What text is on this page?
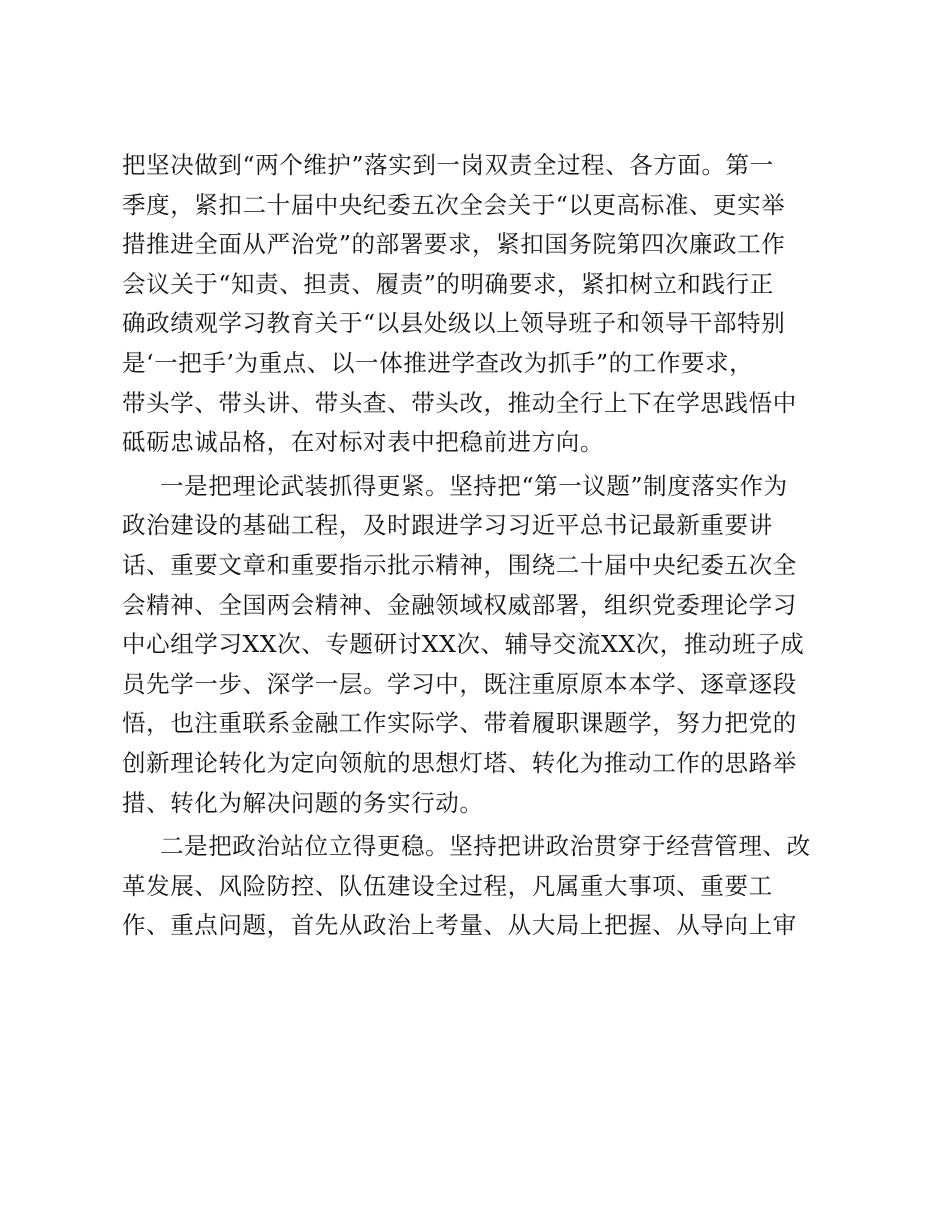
把坚决做到“两个维护”落实到一岗双责全过程、各方面。第一
季度，紧扣二十届中央纪委五次全会关于“以更高标准、更实举
措推进全面从严治党”的部署要求，紧扣国务院第四次廉政工作
会议关于“知责、担责、履责”的明确要求，紧扣树立和践行正
确政绩观学习教育关于“以县处级以上领导班子和领导干部特别
是‘一把手’为重点、以一体推进学查改为抓手”的工作要求，
带头学、带头讲、带头查、带头改，推动全行上下在学思践悟中
砥砺忠诚品格，在对标对表中把稳前进方向。
一是把理论武装抓得更紧。坚持把“第一议题”制度落实作为
政治建设的基础工程，及时跟进学习习近平总书记最新重要讲
话、重要文章和重要指示批示精神，围绕二十届中央纪委五次全
会精神、全国两会精神、金融领域权威部署，组织党委理论学习
中心组学习XX次、专题研讨XX次、辅导交流XX次，推动班子成
员先学一步、深学一层。学习中，既注重原原本本学、逐章逐段
悟，也注重联系金融工作实际学、带着履职课题学，努力把党的
创新理论转化为定向领航的思想灯塔、转化为推动工作的思路举
措、转化为解决问题的务实行动。
二是把政治站位立得更稳。坚持把讲政治贯穿于经营管理、改
革发展、风险防控、队伍建设全过程，凡属重大事项、重要工
作、重点问题，首先从政治上考量、从大局上把握、从导向上审
